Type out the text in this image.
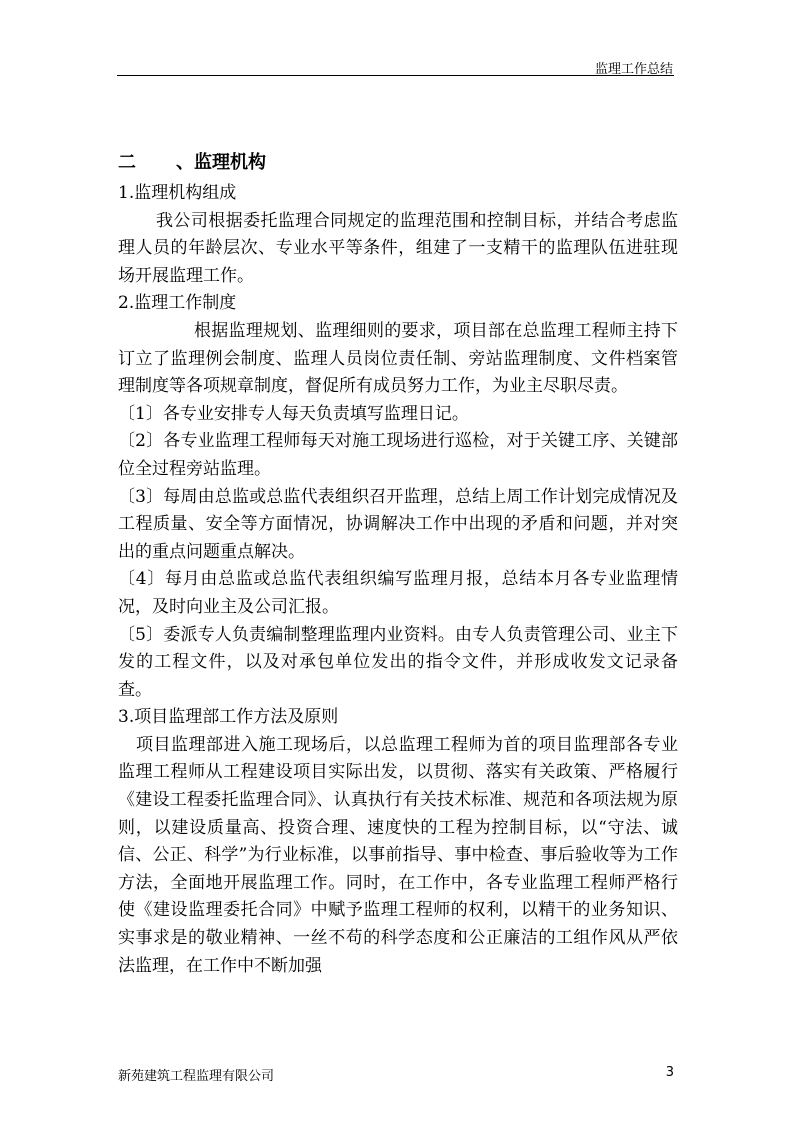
监理工作总结
二 、监理机构

1.监理机构组成

我公司根据委托监理合同规定的监理范围和控制目标，并结合考虑监理人员的年龄层次、专业水平等条件，组建了一支精干的监理队伍进驻现场开展监理工作。

2.监理工作制度

根据监理规划、监理细则的要求，项目部在总监理工程师主持下订立了监理例会制度、监理人员岗位责任制、旁站监理制度、文件档案管理制度等各项规章制度，督促所有成员努力工作，为业主尽职尽责。

〔1〕各专业安排专人每天负责填写监理日记。

〔2〕各专业监理工程师每天对施工现场进行巡检，对于关键工序、关键部位全过程旁站监理。

〔3〕每周由总监或总监代表组织召开监理，总结上周工作计划完成情况及工程质量、安全等方面情况，协调解决工作中出现的矛盾和问题，并对突出的重点问题重点解决。

〔4〕每月由总监或总监代表组织编写监理月报，总结本月各专业监理情况，及时向业主及公司汇报。

〔5〕委派专人负责编制整理监理内业资料。由专人负责管理公司、业主下发的工程文件，以及对承包单位发出的指令文件，并形成收发文记录备查。

3.项目监理部工作方法及原则

项目监理部进入施工现场后，以总监理工程师为首的项目监理部各专业监理工程师从工程建设项目实际出发，以贯彻、落实有关政策、严格履行《建设工程委托监理合同》、认真执行有关技术标准、规范和各项法规为原则，以建设质量高、投资合理、速度快的工程为控制目标，以“守法、诚信、公正、科学”为行业标准，以事前指导、事中检查、事后验收等为工作方法，全面地开展监理工作。同时，在工作中，各专业监理工程师严格行使《建设监理委托合同》中赋予监理工程师的权利，以精干的业务知识、实事求是的敬业精神、一丝不苟的科学态度和公正廉洁的工组作风从严依法监理，在工作中不断加强

新苑建筑工程监理有限公司	3
